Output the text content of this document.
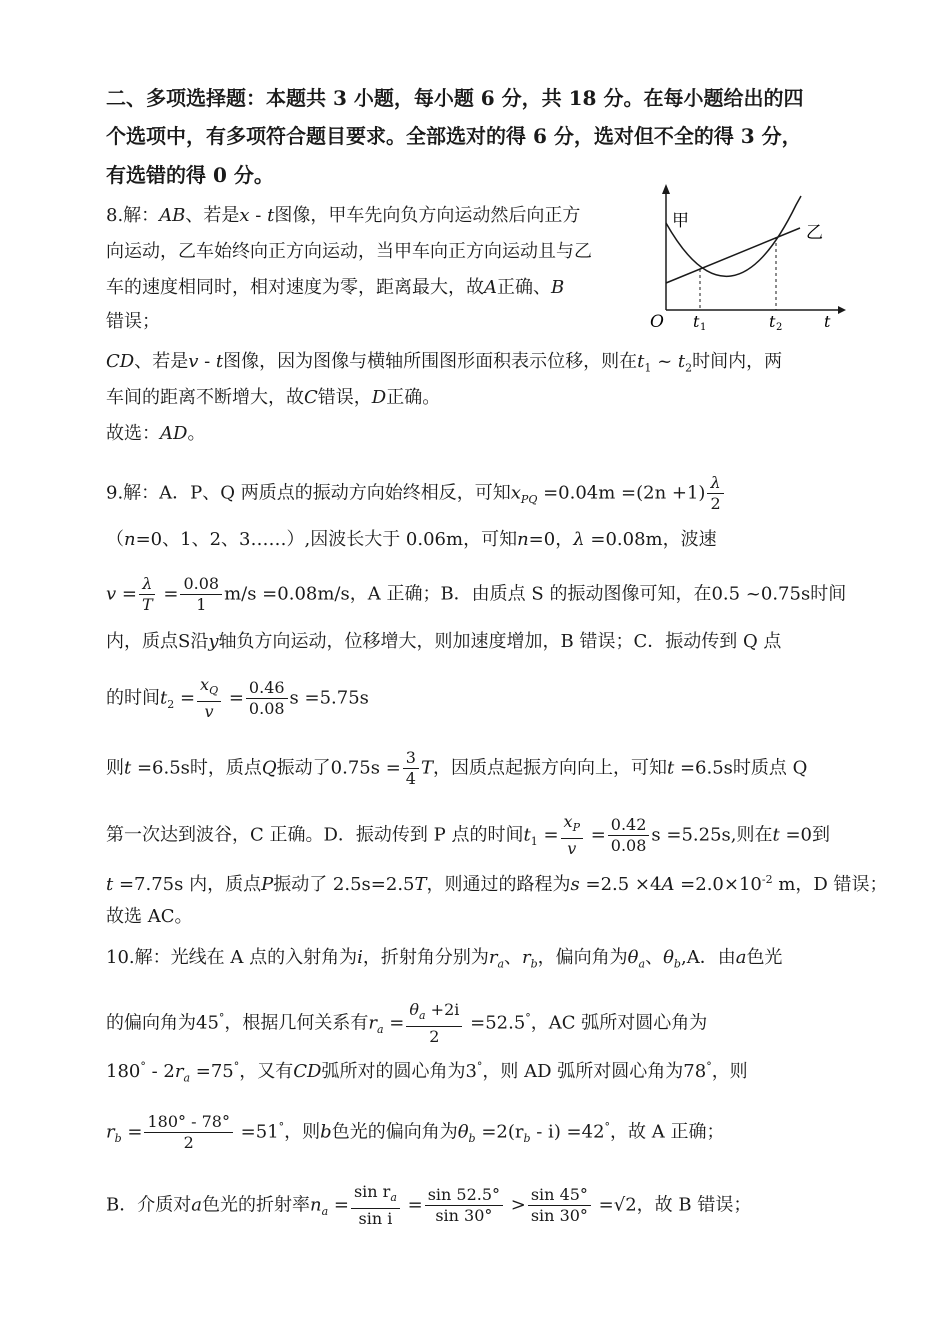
二、多项选择题：本题共 3 小题，每小题 6 分，共 18 分。在每小题给出的四
个选项中，有多项符合题目要求。全部选对的得 6 分，选对但不全的得 3 分，
有选错的得 0 分。
8.解：AB、若是x - t图像，甲车先向负方向运动然后向正方
向运动，乙车始终向正方向运动，当甲车向正方向运动且与乙
车的速度相同时，相对速度为零，距离最大，故A正确、B
错误；
甲
乙
O t 1	t 2	t
CD、若是v - t图像，因为图像与横轴所围图形面积表示位移，则在$t_1$ ~ $t_2$时间内，两
车间的距离不断增大，故C错误，D正确。
故选：AD。
9.解：A．P、Q 两质点的振动方向始终相反，可知$x_{PQ} =0.04m =(2n +1) \frac{\lambda}{2}$
（n=0、1、2、3……）,因波长大于 0.06m，可知n=0，λ =0.08m，波速
$v = \frac{\lambda}{T} = \frac{0.08}{1} m/s =0.08m/s$，A 正确；B．由质点 S 的振动图像可知，在0.5 ~0.75s时间
内，质点S沿y轴负方向运动，位移增大，则加速度增加，B 错误；C．振动传到 Q 点
的时间$t_2 = \frac{x_Q}{v} = \frac{0.46}{0.08}$ s =5.75s
则t =6.5s时，质点Q振动了$0.75s = \frac{3}{4}$ T，因质点起振方向向上，可知t =6.5s时质点 Q
第一次达到波谷，C 正确。D．振动传到 P 点的时间$t_1 = \frac{x_P}{v} = \frac{0.42}{0.08}$ s =5.25s,则在t =0到
t =7.75s 内，质点P振动了 2.5s=2.5T，则通过的路程为$s =2.5 \times 4A =2.0\times 10^{-2}$ m，D 错误；
故选 AC。
10.解：光线在 A 点的入射角为i，折射角分别为$r_a$、$r_b$，偏向角为$\theta_a$、$\theta_b,A$．由a色光
的偏向角为45°，根据几何关系有$r_a = \frac{\theta_a +2i}{2} =52.5^\circ$，AC 弧所对圆心角为
$180^\circ - 2r_a =75^\circ$，又有CD弧所对的圆心角为3°，则 AD 弧所对圆心角为78°，则
$r_b = \frac{180^\circ - 78^\circ}{2} =51^\circ$，则b色光的偏向角为$\theta_b =2(r_b - i) =42^\circ$，故 A 正确；
B．介质对a色光的折射率$n_a = \frac{\sin r_a}{\text{sin i}} = \frac{\sin 52.5^\circ}{\sin 30^\circ} > \frac{\sin 45^\circ}{\sin 30^\circ} =√2$，故 B 错误；
